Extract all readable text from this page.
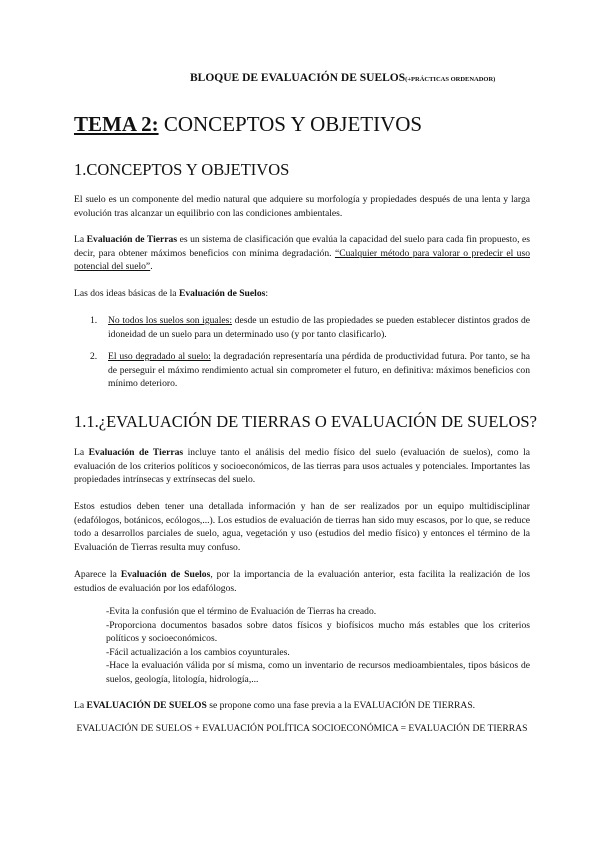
BLOQUE DE EVALUACIÓN DE SUELOS(+PRÁCTICAS ORDENADOR)
TEMA 2: CONCEPTOS Y OBJETIVOS
1.CONCEPTOS Y OBJETIVOS

El suelo es un componente del medio natural que adquiere su morfología y propiedades después de una lenta y larga evolución tras alcanzar un equilibrio con las condiciones ambientales.

La Evaluación de Tierras es un sistema de clasificación que evalúa la capacidad del suelo para cada fin propuesto, es decir, para obtener máximos beneficios con mínima degradación. “Cualquier método para valorar o predecir el uso potencial del suelo”.

Las dos ideas básicas de la Evaluación de Suelos:

1. No todos los suelos son iguales: desde un estudio de las propiedades se pueden establecer distintos grados de idoneidad de un suelo para un determinado uso (y por tanto clasificarlo).
2. El uso degradado al suelo: la degradación representaría una pérdida de productividad futura. Por tanto, se ha de perseguir el máximo rendimiento actual sin comprometer el futuro, en definitiva: máximos beneficios con mínimo deterioro.
1.1.¿EVALUACIÓN DE TIERRAS O EVALUACIÓN DE SUELOS?

La Evaluación de Tierras incluye tanto el análisis del medio físico del suelo (evaluación de suelos), como la evaluación de los criterios políticos y socioeconómicos, de las tierras para usos actuales y potenciales. Importantes las propiedades intrínsecas y extrínsecas del suelo.

Estos estudios deben tener una detallada información y han de ser realizados por un equipo multidisciplinar (edafólogos, botánicos, ecólogos,...). Los estudios de evaluación de tierras han sido muy escasos, por lo que, se reduce todo a desarrollos parciales de suelo, agua, vegetación y uso (estudios del medio físico) y entonces el término de la Evaluación de Tierras resulta muy confuso.

Aparece la Evaluación de Suelos, por la importancia de la evaluación anterior, esta facilita la realización de los estudios de evaluación por los edafólogos.

-Evita la confusión que el término de Evaluación de Tierras ha creado.
-Proporciona documentos basados sobre datos físicos y biofísicos mucho más estables que los criterios políticos y socioeconómicos.
-Fácil actualización a los cambios coyunturales.
-Hace la evaluación válida por sí misma, como un inventario de recursos medioambientales, tipos básicos de suelos, geología, litología, hidrología,...

La EVALUACIÓN DE SUELOS se propone como una fase previa a la EVALUACIÓN DE TIERRAS.

EVALUACIÓN DE SUELOS + EVALUACIÓN POLÍTICA SOCIOECONÓMICA = EVALUACIÓN DE TIERRAS
